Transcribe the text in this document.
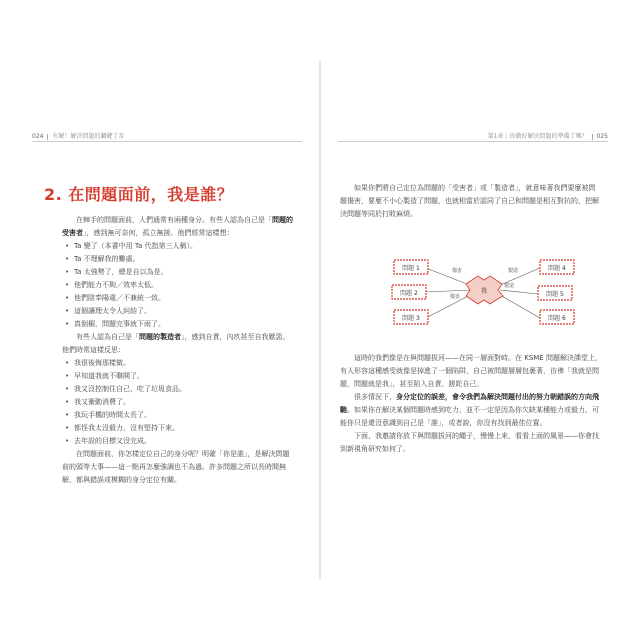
024 有解！解決問題的關鍵了步	第1章｜你做好解決問題的準備了嗎？ 025
2. 在問題面前，我是誰？

在棘手的問題面前，人們通常有兩種身分。有些人認為自己是「問題的受害者」，感到無可奈何，孤立無援。他們經常這樣想：

• Ta 變了（本書中用 Ta 代指第三人稱）。
• Ta 不理解我的難處。
• Ta 太強勢了，總是自以為是。
• 他們能力不夠／效率太低。
• 他們陰奉陽違／不兼統一致。
• 這個讓理太令人糾結了。
• 真倒楣，問題完事就下雨了。

有些人認為自己是「問題的製造者」，感到自責，內疚甚至自我厭惡。他們時常這樣反思：

• 我很後悔那樣做。
• 早知道我就不聯開了。
• 我又沒控制住自己，吃了垃圾食品。
• 我又衝動消費了。
• 我玩手機的時間太長了。
• 都怪我太沒毅力，沒有堅持下來。
• 去年設的目標又沒完成。

在問題面前，你怎樣定位自己的身分呢？明確「你是誰」，是解決問題前的頭等大事——這一點再怎麼強調也不為過。許多問題之所以長時間無解，都與錯誤或模糊的身分定位有關。

如果你們將自己定位為問題的「受害者」或「製造者」，就意味著我們要麼被問題傷害，要麼不小心製造了問題，也就相當於認同了自己和問題是相互對抗的，把解決問題等同於打敗麻煩。

我
傷害	製造
製造
傷害
問題 1
問題 2
問題 3
問題 4
問題 5
問題 6

這時的我們像是在與問題拔河——在同一層面對峙。在 KSME 問題解決課堂上，有人形容這種感受就像是掉進了一個陷阱，自己被問題層層包裹著，彷彿「我就是問題，問題就是我」，甚至陷入自責、蹉跎自己。

很多情況下，身分定位的誤差，會令我們為解決問題付出的努力朝錯誤的方向飛馳。如果你在解決某個問題時感到吃力，並不一定是因為你欠缺某種能力或毅力，可能你只是還沒意識到自己是「誰」，或者說，你沒有找到最佳位置。

下面，我邀請你放下與問題拔河的繩子，慢慢上來，看看上面的風景——你會找到新視角研究如何了。
